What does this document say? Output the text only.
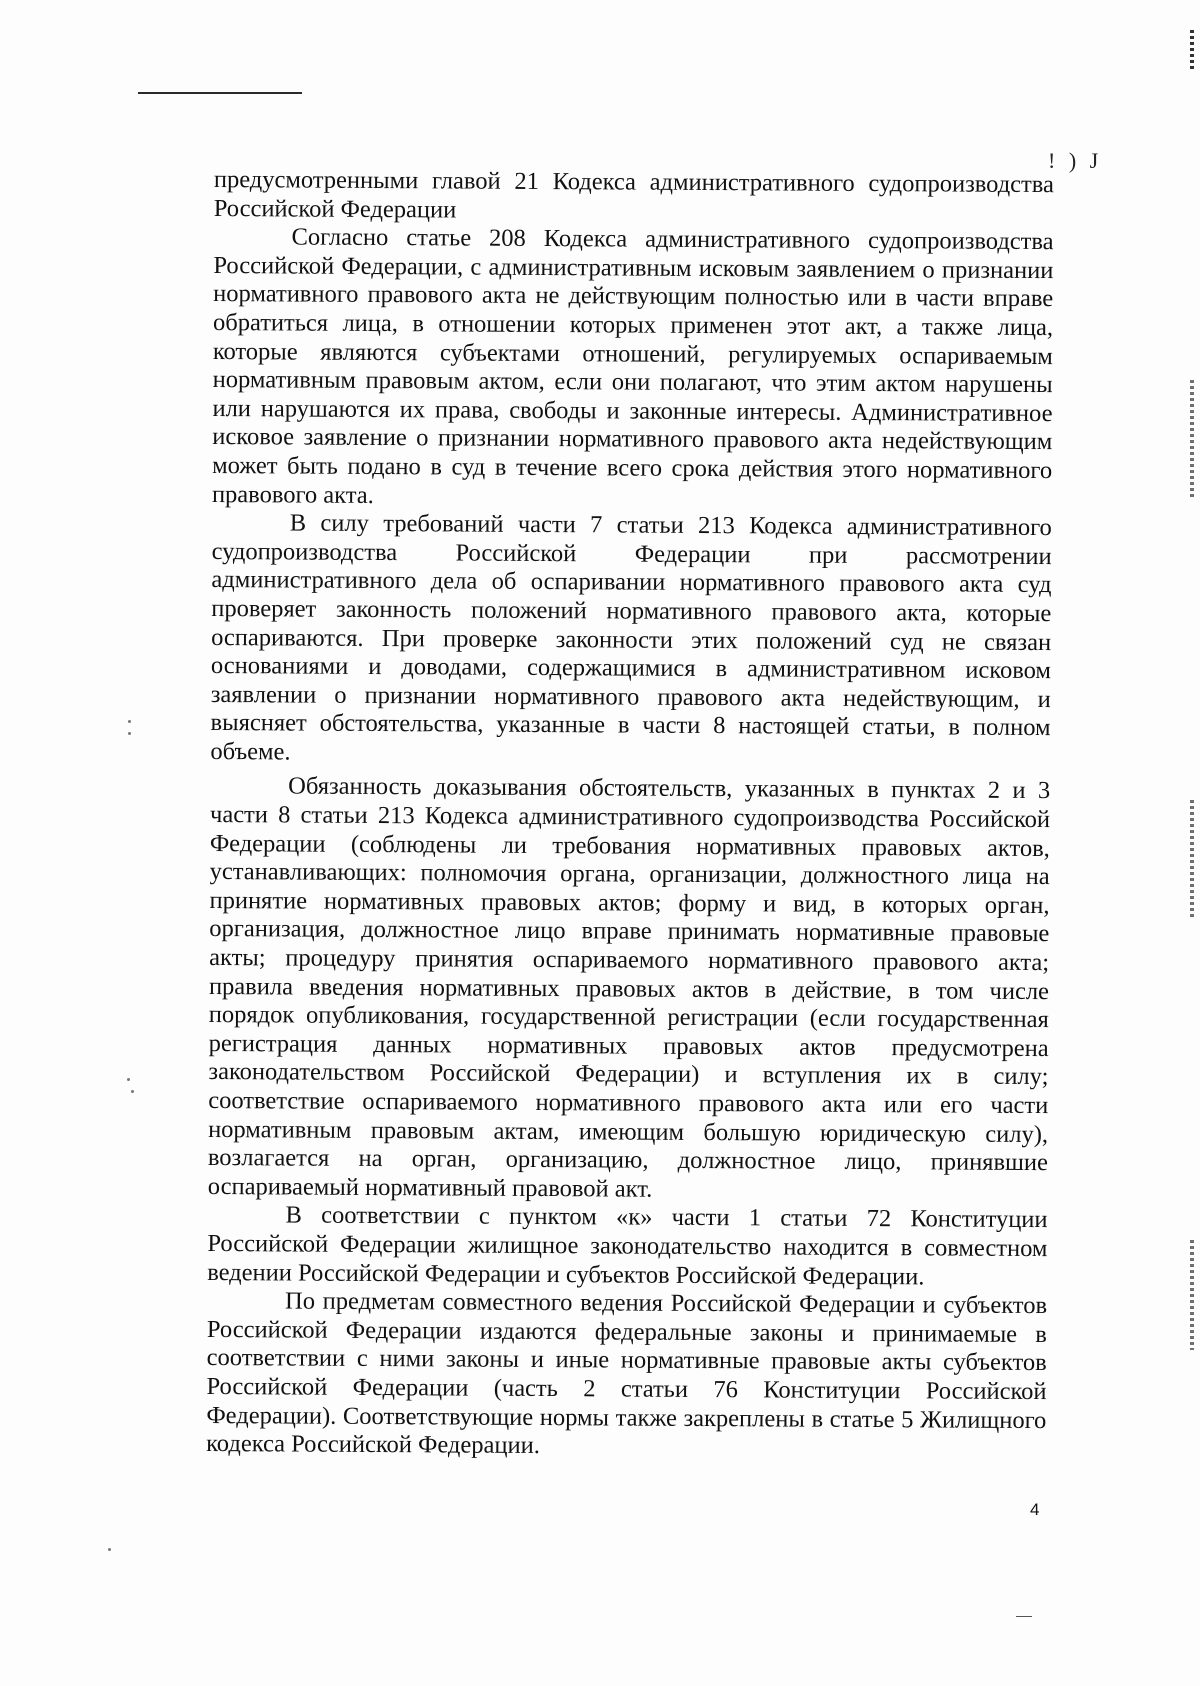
! ) J

предусмотренными главой 21 Кодекса административного судопроизводства Российской Федерации

Согласно статье 208 Кодекса административного судопроизводства Российской Федерации, с административным исковым заявлением о признании нормативного правового акта не действующим полностью или в части вправе обратиться лица, в отношении которых применен этот акт, а также лица, которые являются субъектами отношений, регулируемых оспариваемым нормативным правовым актом, если они полагают, что этим актом нарушены или нарушаются их права, свободы и законные интересы. Административное исковое заявление о признании нормативного правового акта недействующим может быть подано в суд в течение всего срока действия этого нормативного правового акта.

В силу требований части 7 статьи 213 Кодекса административного судопроизводства Российской Федерации при рассмотрении административного дела об оспаривании нормативного правового акта суд проверяет законность положений нормативного правового акта, которые оспариваются. При проверке законности этих положений суд не связан основаниями и доводами, содержащимися в административном исковом заявлении о признании нормативного правового акта недействующим, и выясняет обстоятельства, указанные в части 8 настоящей статьи, в полном объеме.

Обязанность доказывания обстоятельств, указанных в пунктах 2 и 3 части 8 статьи 213 Кодекса административного судопроизводства Российской Федерации (соблюдены ли требования нормативных правовых актов, устанавливающих: полномочия органа, организации, должностного лица на принятие нормативных правовых актов; форму и вид, в которых орган, организация, должностное лицо вправе принимать нормативные правовые акты; процедуру принятия оспариваемого нормативного правового акта; правила введения нормативных правовых актов в действие, в том числе порядок опубликования, государственной регистрации (если государственная регистрация данных нормативных правовых актов предусмотрена законодательством Российской Федерации) и вступления их в силу; соответствие оспариваемого нормативного правового акта или его части нормативным правовым актам, имеющим большую юридическую силу), возлагается на орган, организацию, должностное лицо, принявшие оспариваемый нормативный правовой акт.

В соответствии с пунктом «к» части 1 статьи 72 Конституции Российской Федерации жилищное законодательство находится в совместном ведении Российской Федерации и субъектов Российской Федерации.

По предметам совместного ведения Российской Федерации и субъектов Российской Федерации издаются федеральные законы и принимаемые в соответствии с ними законы и иные нормативные правовые акты субъектов Российской Федерации (часть 2 статьи 76 Конституции Российской Федерации). Соответствующие нормы также закреплены в статье 5 Жилищного кодекса Российской Федерации.

4
